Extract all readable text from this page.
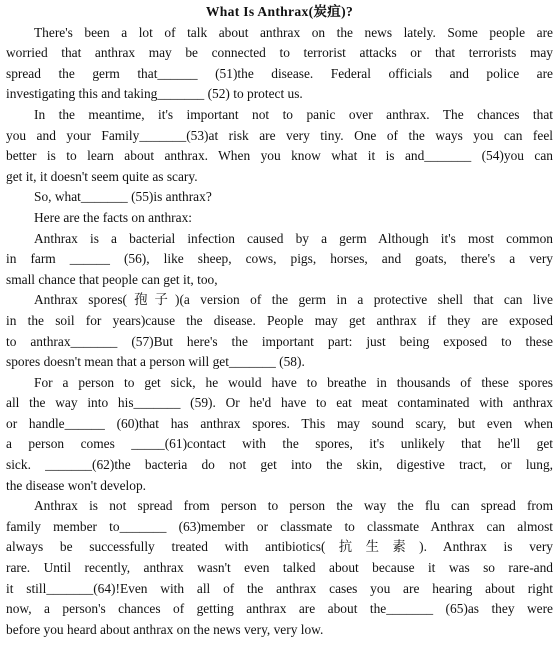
What Is Anthrax(炭疽)?
There's been a lot of talk about anthrax on the news lately. Some people are
worried that anthrax may be connected to terrorist attacks or that terrorists may
spread the germ that______ (51)the disease. Federal officials and police are
investigating this and taking_______ (52) to protect us.
In the meantime, it's important not to panic over anthrax. The chances that
you and your Family_______(53)at risk are very tiny. One of the ways you can feel
better is to learn about anthrax. When you know what it is and_______ (54)you can
get it, it doesn't seem quite as scary.
So, what_______ (55)is anthrax?
Here are the facts on anthrax:
Anthrax is a bacterial infection caused by a germ Although it's most common
in farm ______ (56), like sheep, cows, pigs, horses, and goats, there's a very
small chance that people can get it, too,
Anthrax spores(孢子)(a version of the germ in a protective shell that can live
in the soil for years)cause the disease. People may get anthrax if they are exposed
to anthrax_______ (57)But here's the important part: just being exposed to these
spores doesn't mean that a person will get_______ (58).
For a person to get sick, he would have to breathe in thousands of these spores
all the way into his_______ (59). Or he'd have to eat meat contaminated with anthrax
or handle______ (60)that has anthrax spores. This may sound scary, but even when
a person comes _____(61)contact with the spores, it's unlikely that he'll get
sick. _______(62)the bacteria do not get into the skin, digestive tract, or lung,
the disease won't develop.
Anthrax is not spread from person to person the way the flu can spread from
family member to_______ (63)member or classmate to classmate Anthrax can almost
always be successfully treated with antibiotics(抗生素). Anthrax is very
rare. Until recently, anthrax wasn't even talked about because it was so rare-and
it still_______(64)!Even with all of the anthrax cases you are hearing about right
now, a person's chances of getting anthrax are about the_______ (65)as they were
before you heard about anthrax on the news very, very low.
